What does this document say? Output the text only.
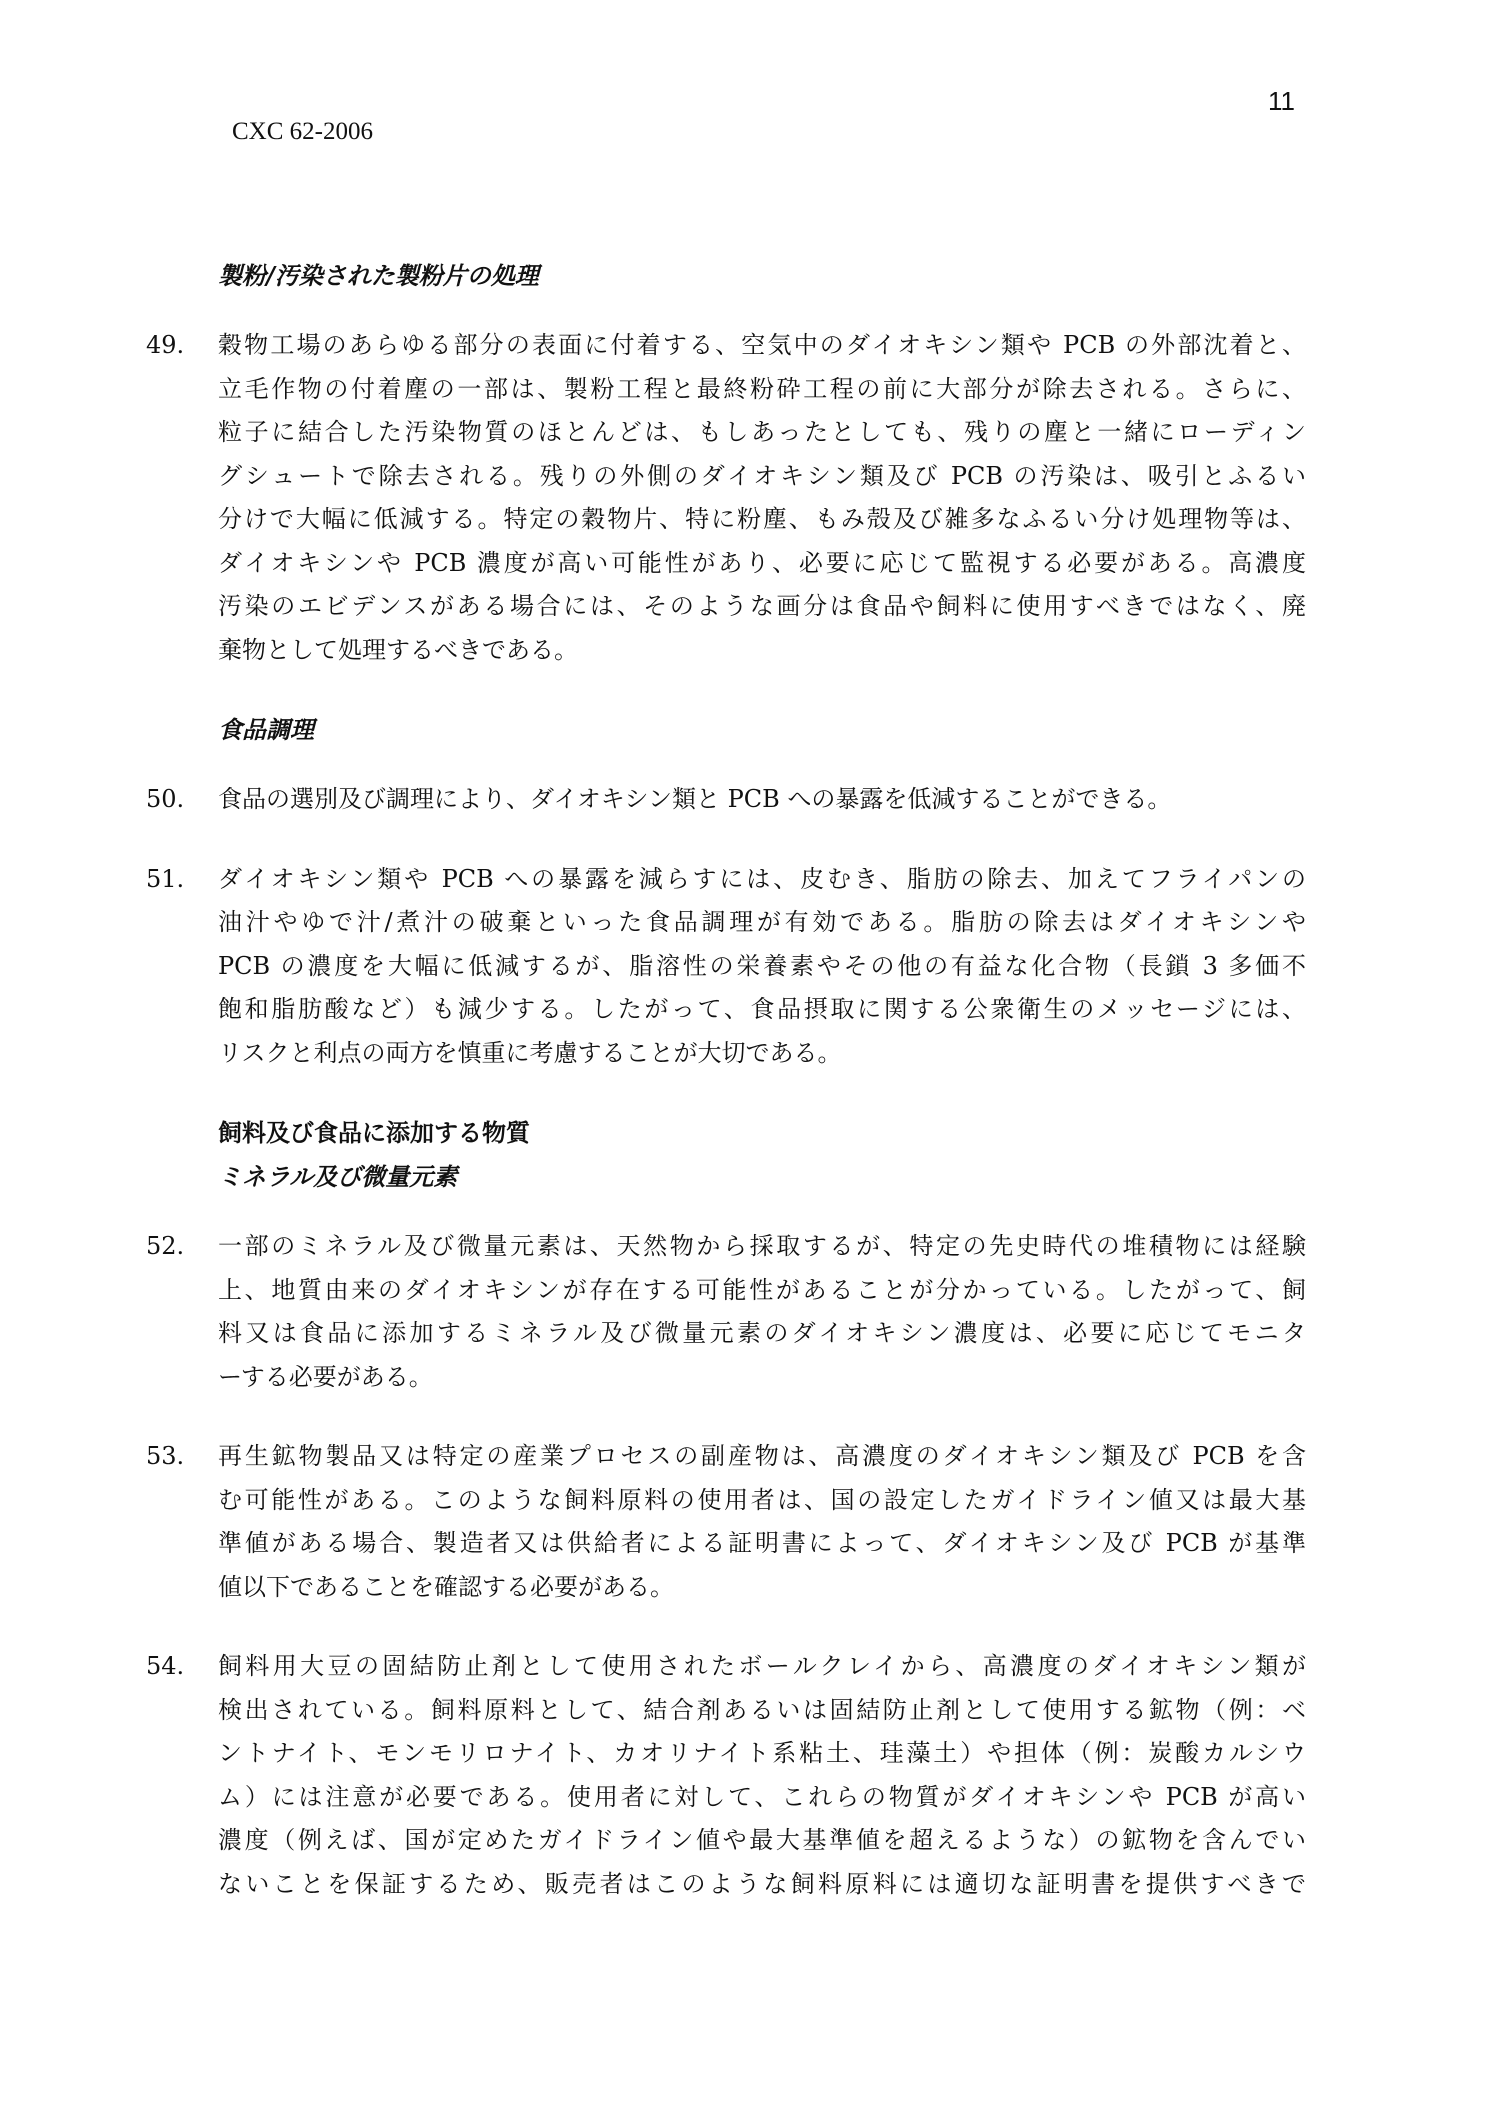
11
CXC 62-2006
製粉/汚染された製粉片の処理
49.	穀物工場のあらゆる部分の表面に付着する、空気中のダイオキシン類や PCB の外部沈着と、
立毛作物の付着塵の一部は、製粉工程と最終粉砕工程の前に大部分が除去される。さらに、
粒子に結合した汚染物質のほとんどは、もしあったとしても、残りの塵と一緒にローディン
グシュートで除去される。残りの外側のダイオキシン類及び PCB の汚染は、吸引とふるい
分けで大幅に低減する。特定の穀物片、特に粉塵、もみ殻及び雑多なふるい分け処理物等は、
ダイオキシンや PCB 濃度が高い可能性があり、必要に応じて監視する必要がある。高濃度
汚染のエビデンスがある場合には、そのような画分は食品や飼料に使用すべきではなく、廃
棄物として処理するべきである。
食品調理
50.	食品の選別及び調理により、ダイオキシン類と PCB への暴露を低減することができる。
51.	ダイオキシン類や PCB への暴露を減らすには、皮むき、脂肪の除去、加えてフライパンの
油汁やゆで汁/煮汁の破棄といった食品調理が有効である。脂肪の除去はダイオキシンや
PCB の濃度を大幅に低減するが、脂溶性の栄養素やその他の有益な化合物（長鎖 3 多価不
飽和脂肪酸など）も減少する。したがって、食品摂取に関する公衆衛生のメッセージには、
リスクと利点の両方を慎重に考慮することが大切である。
飼料及び食品に添加する物質
ミネラル及び微量元素
52.	一部のミネラル及び微量元素は、天然物から採取するが、特定の先史時代の堆積物には経験
上、地質由来のダイオキシンが存在する可能性があることが分かっている。したがって、飼
料又は食品に添加するミネラル及び微量元素のダイオキシン濃度は、必要に応じてモニタ
ーする必要がある。
53.	再生鉱物製品又は特定の産業プロセスの副産物は、高濃度のダイオキシン類及び PCB を含
む可能性がある。このような飼料原料の使用者は、国の設定したガイドライン値又は最大基
準値がある場合、製造者又は供給者による証明書によって、ダイオキシン及び PCB が基準
値以下であることを確認する必要がある。
54.	飼料用大豆の固結防止剤として使用されたボールクレイから、高濃度のダイオキシン類が
検出されている。飼料原料として、結合剤あるいは固結防止剤として使用する鉱物（例：ベ
ントナイト、モンモリロナイト、カオリナイト系粘土、珪藻土）や担体（例：炭酸カルシウ
ム）には注意が必要である。使用者に対して、これらの物質がダイオキシンや PCB が高い
濃度（例えば、国が定めたガイドライン値や最大基準値を超えるような）の鉱物を含んでい
ないことを保証するため、販売者はこのような飼料原料には適切な証明書を提供すべきで
